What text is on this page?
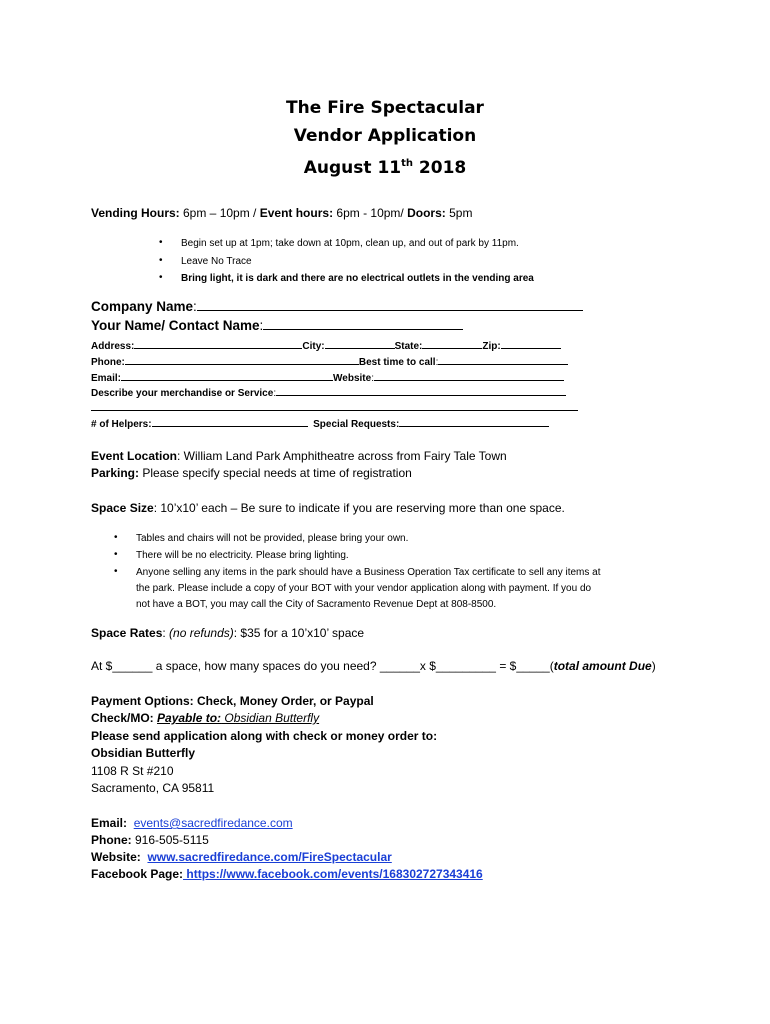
The Fire Spectacular
Vendor Application
August 11th 2018
Vending Hours: 6pm – 10pm / Event hours: 6pm - 10pm/ Doors: 5pm
• Begin set up at 1pm; take down at 10pm, clean up, and out of park by 11pm.
• Leave No Trace
• Bring light, it is dark and there are no electrical outlets in the vending area
Company Name:
Your Name/ Contact Name:
Address:	City:	State:	Zip:
Phone:	Best time to call:
Email:	Website:
Describe your merchandise or Service:
# of Helpers:	Special Requests:
Event Location: William Land Park Amphitheatre across from Fairy Tale Town
Parking: Please specify special needs at time of registration
Space Size: 10’x10’ each – Be sure to indicate if you are reserving more than one space.
• Tables and chairs will not be provided, please bring your own.
• There will be no electricity. Please bring lighting.
• Anyone selling any items in the park should have a Business Operation Tax certificate to sell any items at
the park. Please include a copy of your BOT with your vendor application along with payment. If you do
not have a BOT, you may call the City of Sacramento Revenue Dept at 808-8500.
Space Rates: (no refunds): $35 for a 10’x10’ space
At $______ a space, how many spaces do you need? ______x $_________ = $_____(total amount Due)
Payment Options: Check, Money Order, or Paypal
Check/MO: Payable to: Obsidian Butterfly
Please send application along with check or money order to:
Obsidian Butterfly
1108 R St #210
Sacramento, CA 95811
Email: events@sacredfiredance.com
Phone: 916-505-5115
Website: www.sacredfiredance.com/FireSpectacular
Facebook Page: https://www.facebook.com/events/168302727343416
